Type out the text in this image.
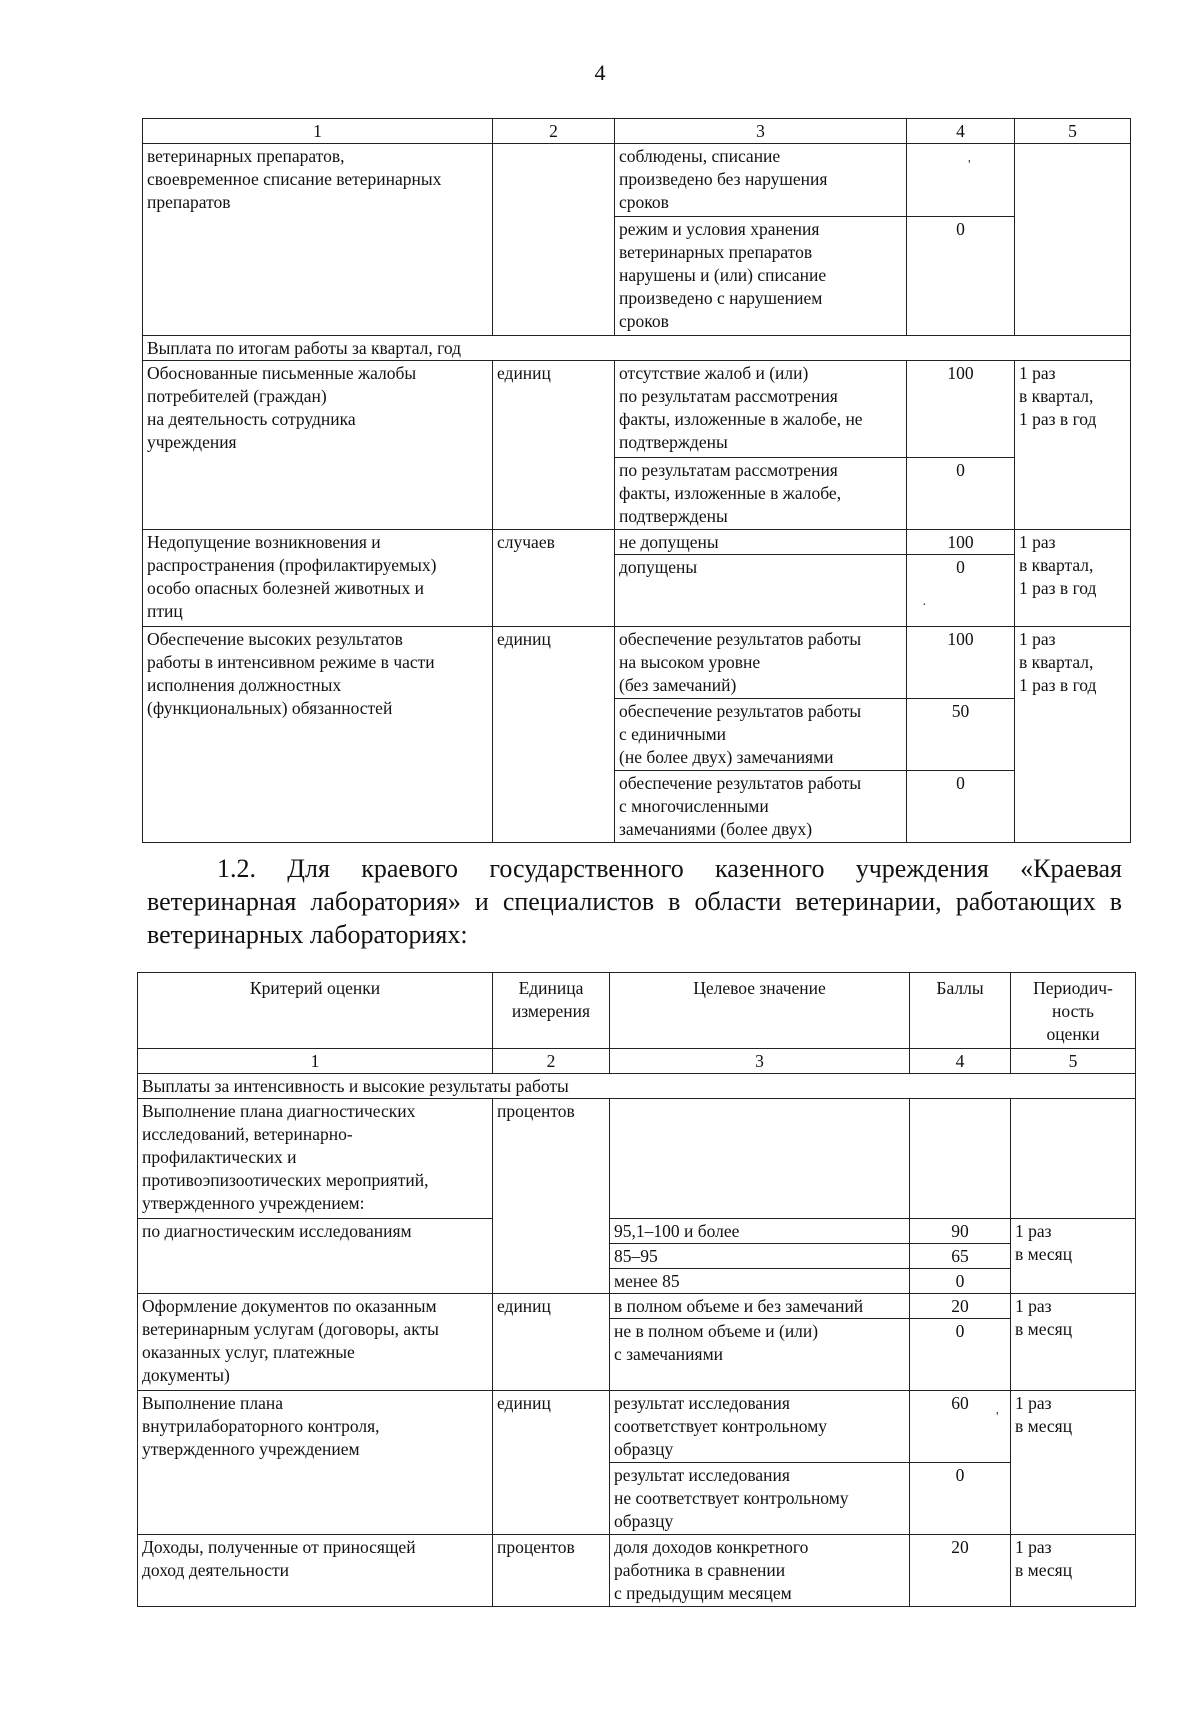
4
1	2	3	4	5
ветеринарных препаратов,
своевременное списание ветеринарных
препаратов		соблюдены, списание
произведено без нарушения
сроков		
		режим и условия хранения
ветеринарных препаратов
нарушены и (или) списание
произведено с нарушением
сроков	0	
Выплата по итогам работы за квартал, год				
Обоснованные письменные жалобы
потребителей (граждан)
на деятельность сотрудника
учреждения	единиц	отсутствие жалоб и (или)
по результатам рассмотрения
факты, изложенные в жалобе, не
подтверждены	100	1 раз
в квартал,
1 раз в год
		по результатам рассмотрения
факты, изложенные в жалобе,
подтверждены	0	
Недопущение возникновения и
распространения (профилактируемых)
особо опасных болезней животных и
птиц	случаев	не допущены	100	1 раз
в квартал,
1 раз в год
		допущены	0	
Обеспечение высоких результатов
работы в интенсивном режиме в части
исполнения должностных
(функциональных) обязанностей	единиц	обеспечение результатов работы
на высоком уровне
(без замечаний)	100	1 раз
в квартал,
1 раз в год
		обеспечение результатов работы
с единичными
(не более двух) замечаниями	50	
		обеспечение результатов работы
с многочисленными
замечаниями (более двух)	0	
1.2. Для краевого государственного казенного учреждения «Краевая ветеринарная лаборатория» и специалистов в области ветеринарии, работающих в ветеринарных лабораториях:
Критерий оценки	Единица
измерения	Целевое значение	Баллы	Периодич-
ность
оценки
1	2	3	4	5
Выплаты за интенсивность и высокие результаты работы				
Выполнение плана диагностических
исследований, ветеринарно-
профилактических и
противоэпизоотических мероприятий,
утвержденного учреждением:	процентов			
по диагностическим исследованиям		95,1–100 и более	90	1 раз
в месяц
		85–95	65	
		менее 85	0	
Оформление документов по оказанным
ветеринарным услугам (договоры, акты
оказанных услуг, платежные
документы)	единиц	в полном объеме и без замечаний	20	1 раз
в месяц
		не в полном объеме и (или)
с замечаниями	0	
Выполнение плана
внутрилабораторного контроля,
утвержденного учреждением	единиц	результат исследования
соответствует контрольному
образцу	60	1 раз
в месяц
		результат исследования
не соответствует контрольному
образцу	0	
Доходы, полученные от приносящей
доход деятельности	процентов	доля доходов конкретного
работника в сравнении
с предыдущим месяцем	20	1 раз
в месяц
'
·
'
